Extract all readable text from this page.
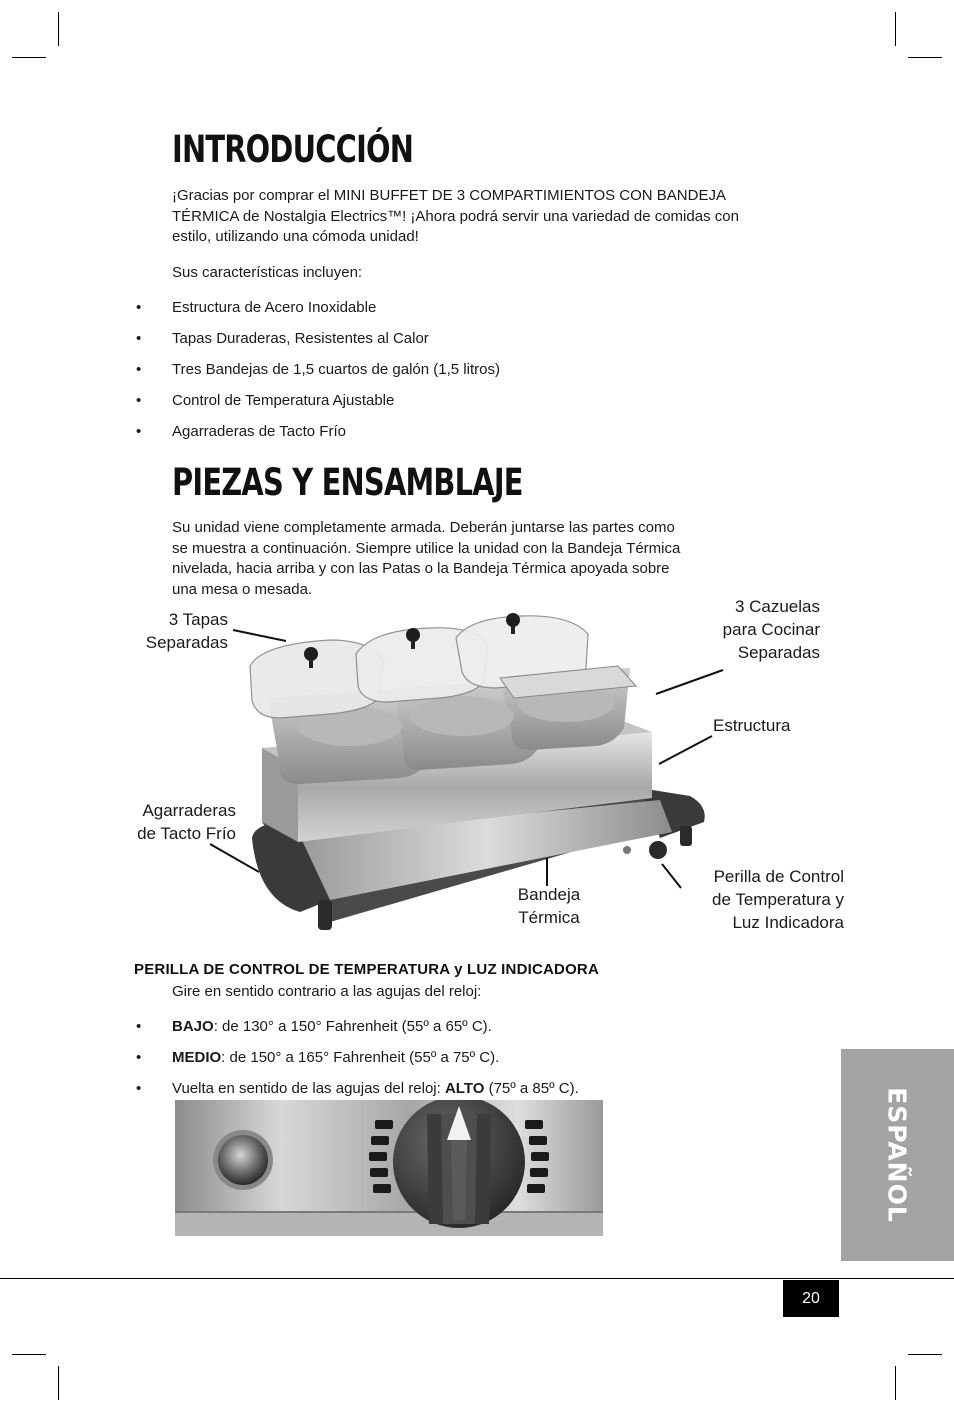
INTRODUCCIÓN

¡Gracias por comprar el MINI BUFFET DE 3 COMPARTIMIENTOS CON BANDEJA TÉRMICA de Nostalgia Electrics™! ¡Ahora podrá servir una variedad de comidas con estilo, utilizando una cómoda unidad!

Sus características incluyen:

• Estructura de Acero Inoxidable
• Tapas Duraderas, Resistentes al Calor
• Tres Bandejas de 1,5 cuartos de galón (1,5 litros)
• Control de Temperatura Ajustable
• Agarraderas de Tacto Frío
PIEZAS Y ENSAMBLAJE

Su unidad viene completamente armada. Deberán juntarse las partes como se muestra a continuación. Siempre utilice la unidad con la Bandeja Térmica nivelada, hacia arriba y con las Patas o la Bandeja Térmica apoyada sobre una mesa o mesada.

3 Tapas
Separadas
3 Cazuelas
para Cocinar
Separadas
Estructura
Agarraderas
de Tacto Frío
Bandeja
Térmica
Perilla de Control
de Temperatura y
Luz Indicadora
PERILLA DE CONTROL DE TEMPERATURA y LUZ INDICADORA

Gire en sentido contrario a las agujas del reloj:

• BAJO: de 130° a 150° Fahrenheit (55º a 65º C).
• MEDIO: de 150° a 165° Fahrenheit (55º a 75º C).
• Vuelta en sentido de las agujas del reloj: ALTO (75º a 85º C).	ESPAÑOL
20
